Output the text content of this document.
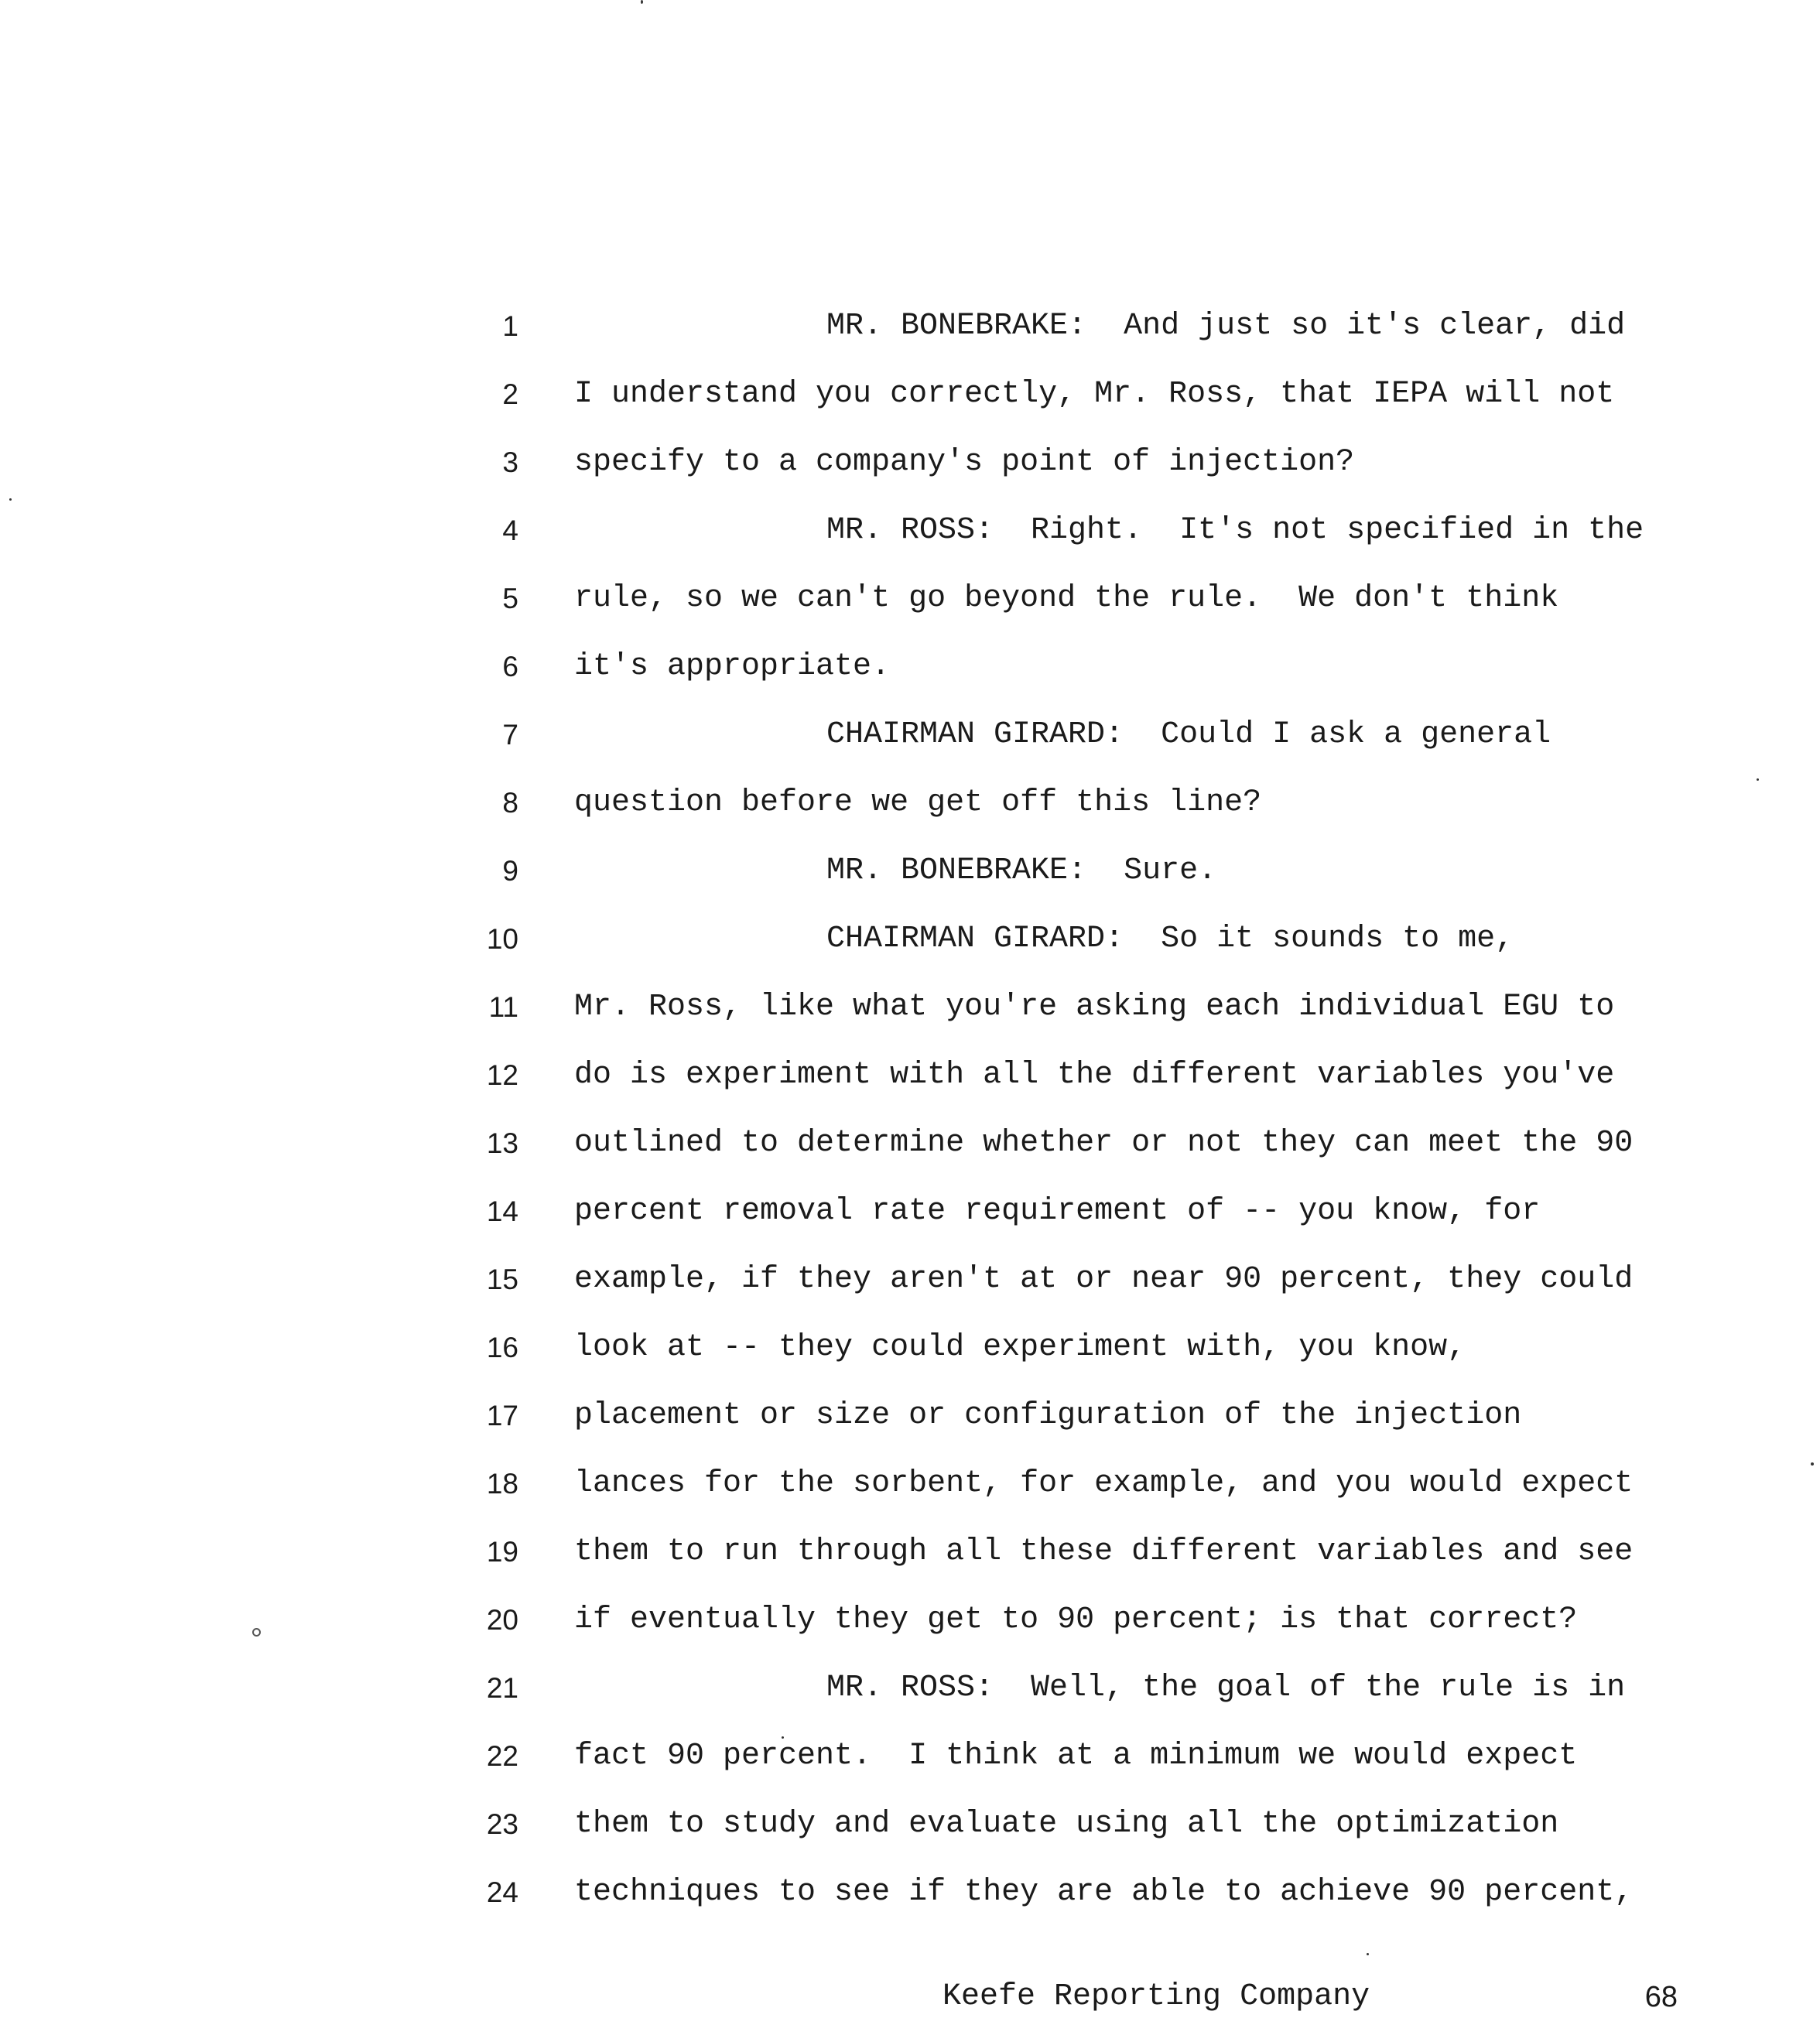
1	MR. BONEBRAKE:  And just so it's clear, did
2 I understand you correctly, Mr. Ross, that IEPA will not
3 specify to a company's point of injection?
4	MR. ROSS:  Right.  It's not specified in the
5 rule, so we can't go beyond the rule.  We don't think
6 it's appropriate.
7	CHAIRMAN GIRARD:  Could I ask a general
8 question before we get off this line?
9	MR. BONEBRAKE:  Sure.
10	CHAIRMAN GIRARD:  So it sounds to me,
11 Mr. Ross, like what you're asking each individual EGU to
12 do is experiment with all the different variables you've
13 outlined to determine whether or not they can meet the 90
14 percent removal rate requirement of -- you know, for
15 example, if they aren't at or near 90 percent, they could
16 look at -- they could experiment with, you know,
17 placement or size or configuration of the injection
18 lances for the sorbent, for example, and you would expect
19 them to run through all these different variables and see
20 if eventually they get to 90 percent; is that correct?
21	MR. ROSS:  Well, the goal of the rule is in
22 fact 90 percent.  I think at a minimum we would expect
23 them to study and evaluate using all the optimization
24 techniques to see if they are able to achieve 90 percent,
Keefe Reporting Company	68
